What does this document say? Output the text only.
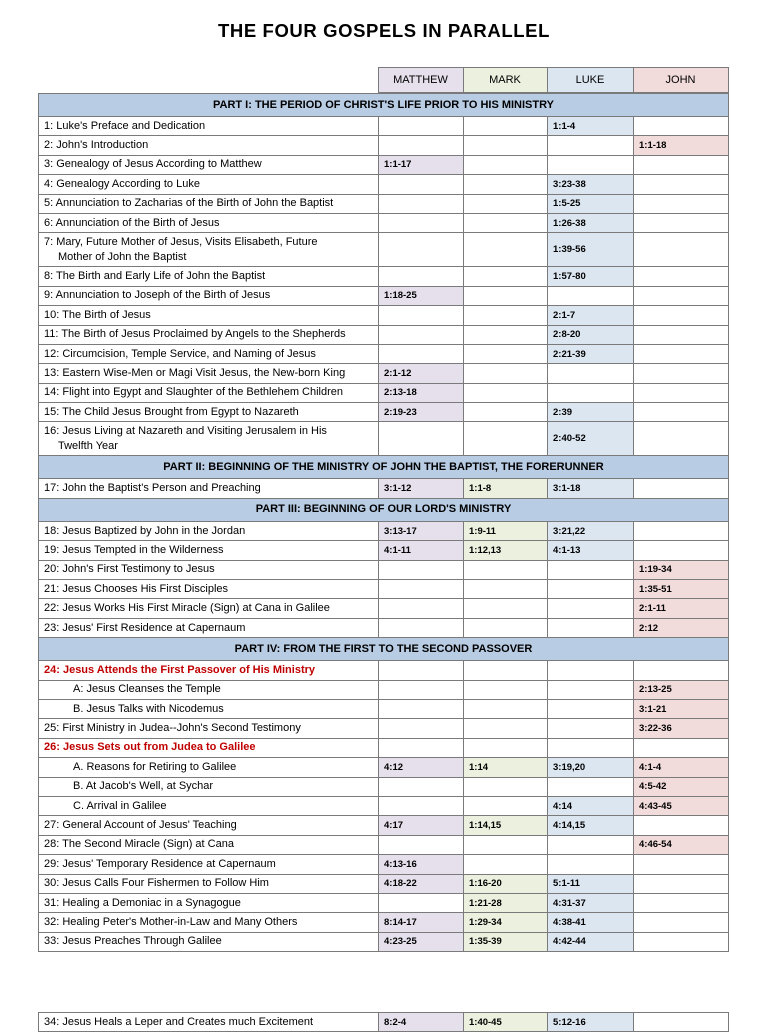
THE FOUR GOSPELS IN PARALLEL
	MATTHEW	MARK	LUKE	JOHN
PART I: THE PERIOD OF CHRIST'S LIFE PRIOR TO HIS MINISTRY				
1: Luke's Preface and Dedication			1:1-4	
2: John's Introduction				1:1-18
3: Genealogy of Jesus According to Matthew	1:1-17			
4: Genealogy According to Luke			3:23-38	
5: Annunciation to Zacharias of the Birth of John the Baptist			1:5-25	
6: Annunciation of the Birth of Jesus			1:26-38	
7: Mary, Future Mother of Jesus, Visits Elisabeth, Future
Mother of John the Baptist			1:39-56	
8: The Birth and Early Life of John the Baptist			1:57-80	
9: Annunciation to Joseph of the Birth of Jesus	1:18-25			
10: The Birth of Jesus			2:1-7	
11: The Birth of Jesus Proclaimed by Angels to the Shepherds			2:8-20	
12: Circumcision, Temple Service, and Naming of Jesus			2:21-39	
13: Eastern Wise-Men or Magi Visit Jesus, the New-born King	2:1-12			
14: Flight into Egypt and Slaughter of the Bethlehem Children	2:13-18			
15: The Child Jesus Brought from Egypt to Nazareth	2:19-23		2:39	
16: Jesus Living at Nazareth and Visiting Jerusalem in His
Twelfth Year			2:40-52	
PART II: BEGINNING OF THE MINISTRY OF JOHN THE BAPTIST, THE FORERUNNER				
17: John the Baptist's Person and Preaching	3:1-12	1:1-8	3:1-18	
PART III: BEGINNING OF OUR LORD'S MINISTRY				
18: Jesus Baptized by John in the Jordan	3:13-17	1:9-11	3:21,22	
19: Jesus Tempted in the Wilderness	4:1-11	1:12,13	4:1-13	
20: John's First Testimony to Jesus				1:19-34
21: Jesus Chooses His First Disciples				1:35-51
22: Jesus Works His First Miracle (Sign) at Cana in Galilee				2:1-11
23: Jesus' First Residence at Capernaum				2:12
PART IV: FROM THE FIRST TO THE SECOND PASSOVER				
24: Jesus Attends the First Passover of His Ministry				
A: Jesus Cleanses the Temple				2:13-25
B. Jesus Talks with Nicodemus				3:1-21
25: First Ministry in Judea--John's Second Testimony				3:22-36
26: Jesus Sets out from Judea to Galilee				
A. Reasons for Retiring to Galilee	4:12	1:14	3:19,20	4:1-4
B. At Jacob's Well, at Sychar				4:5-42
C. Arrival in Galilee			4:14	4:43-45
27: General Account of Jesus' Teaching	4:17	1:14,15	4:14,15	
28: The Second Miracle (Sign) at Cana				4:46-54
29: Jesus' Temporary Residence at Capernaum	4:13-16			
30: Jesus Calls Four Fishermen to Follow Him	4:18-22	1:16-20	5:1-11	
31: Healing a Demoniac in a Synagogue		1:21-28	4:31-37	
32: Healing Peter's Mother-in-Law and Many Others	8:14-17	1:29-34	4:38-41	
33: Jesus Preaches Through Galilee	4:23-25	1:35-39	4:42-44	
34: Jesus Heals a Leper and Creates much Excitement	8:2-4	1:40-45	5:12-16	
